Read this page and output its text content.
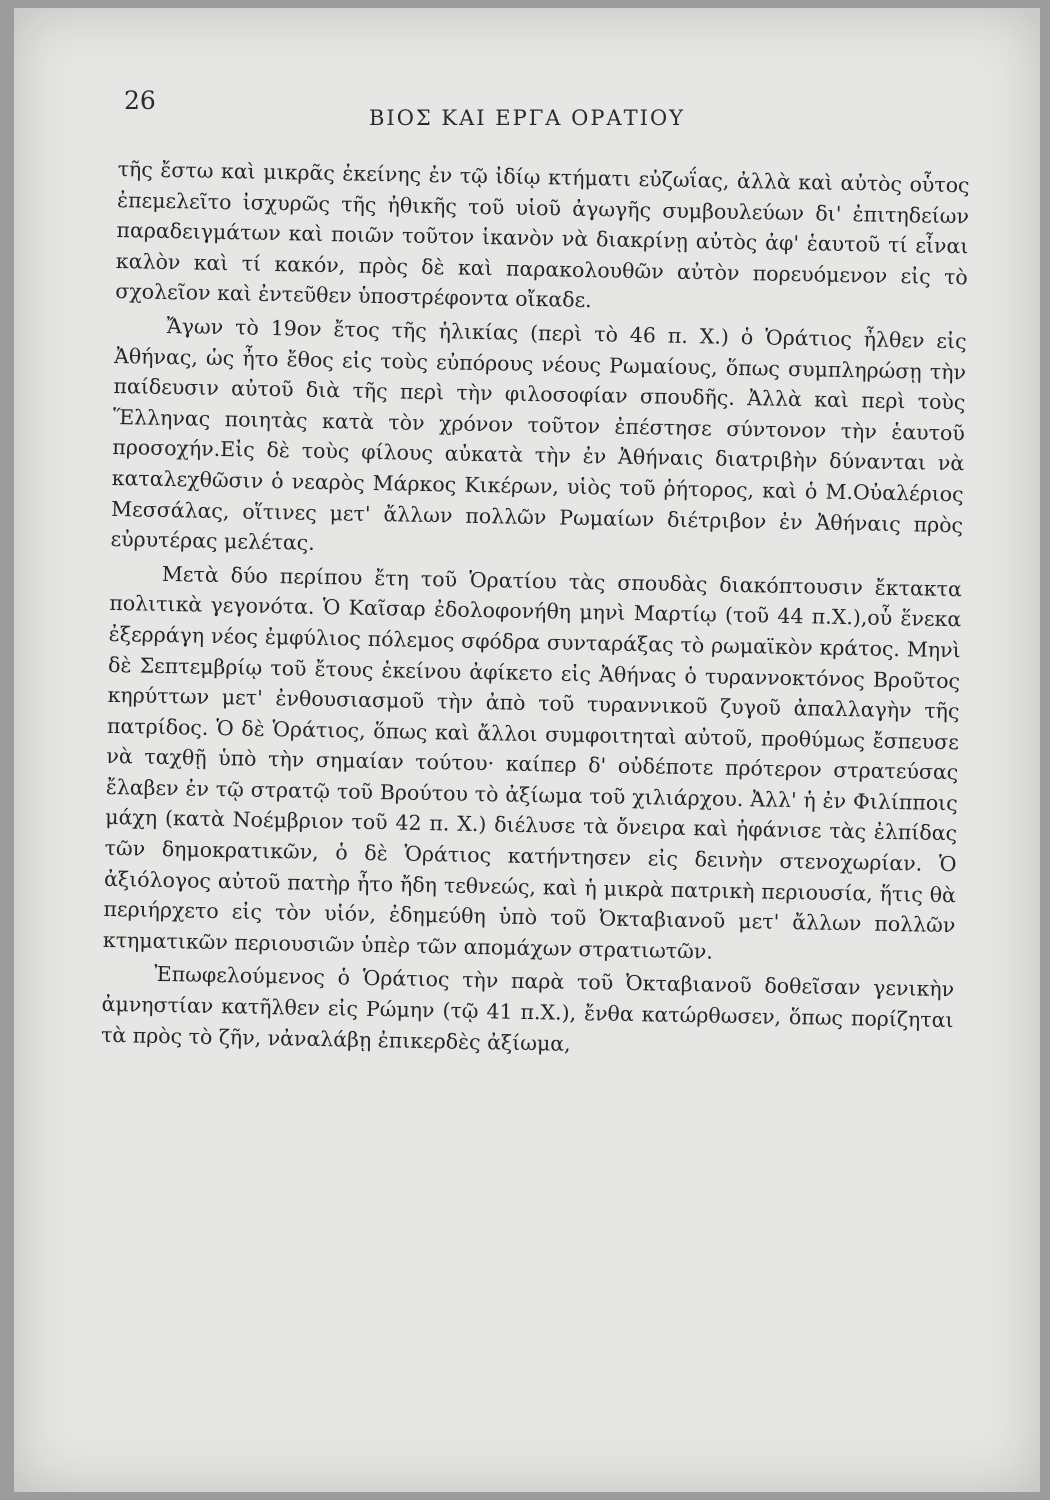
26
ΒΙΟΣ ΚΑΙ ΕΡΓΑ ΟΡΑΤΙΟΥ

τῆς ἔστω καὶ μικρᾶς ἐκείνης ἐν τῷ ἰδίῳ κτήματι εὐζωΐας, ἀλλὰ καὶ αὐτὸς οὗτος ἐπεμελεῖτο ἰσχυρῶς τῆς ἠθικῆς τοῦ υἱοῦ ἀγωγῆς συμβουλεύων δι' ἐπιτηδείων παραδειγμάτων καὶ ποιῶν τοῦτον ἱκανὸν νὰ διακρίνῃ αὐτὸς ἀφ' ἑαυτοῦ τί εἶναι καλὸν καὶ τί κακόν, πρὸς δὲ καὶ παρακολουθῶν αὐτὸν πορευόμενον εἰς τὸ σχολεῖον καὶ ἐντεῦθεν ὑποστρέφοντα οἴκαδε.

Ἄγων τὸ 19ον ἔτος τῆς ἡλικίας (περὶ τὸ 46 π. Χ.) ὁ Ὁράτιος ἦλθεν εἰς Ἀθήνας, ὡς ἦτο ἔθος εἰς τοὺς εὐπόρους νέους Ρωμαίους, ὅπως συμπληρώσῃ τὴν παίδευσιν αὐτοῦ διὰ τῆς περὶ τὴν φιλοσοφίαν σπουδῆς. Ἀλλὰ καὶ περὶ τοὺς Ἕλληνας ποιητὰς κατὰ τὸν χρόνον τοῦτον ἐπέστησε σύντονον τὴν ἑαυτοῦ προσοχήν.Εἰς δὲ τοὺς φίλους αὐκατὰ τὴν ἐν Ἀθήναις διατριβὴν δύνανται νὰ καταλεχθῶσιν ὁ νεαρὸς Μάρκος Κικέρων, υἱὸς τοῦ ῥήτορος, καὶ ὁ Μ.Οὐαλέριος Μεσσάλας, οἵτινες μετ' ἄλλων πολλῶν Ρωμαίων διέτριβον ἐν Ἀθήναις πρὸς εὐρυτέρας μελέτας.

Μετὰ δύο περίπου ἔτη τοῦ Ὁρατίου τὰς σπουδὰς διακόπτουσιν ἔκτακτα πολιτικὰ γεγονότα. Ὁ Καῖσαρ ἐδολοφονήθη μηνὶ Μαρτίῳ (τοῦ 44 π.Χ.),οὗ ἕνεκα ἐξερράγη νέος ἐμφύλιος πόλεμος σφόδρα συνταράξας τὸ ρωμαϊκὸν κράτος. Μηνὶ δὲ Σεπτεμβρίῳ τοῦ ἔτους ἐκείνου ἀφίκετο εἰς Ἀθήνας ὁ τυραννοκτόνος Βροῦτος κηρύττων μετ' ἐνθουσιασμοῦ τὴν ἀπὸ τοῦ τυραννικοῦ ζυγοῦ ἀπαλλαγὴν τῆς πατρίδος. Ὁ δὲ Ὁράτιος, ὅπως καὶ ἄλλοι συμφοιτηταὶ αὐτοῦ, προθύμως ἔσπευσε νὰ ταχθῇ ὑπὸ τὴν σημαίαν τούτου· καίπερ δ' οὐδέποτε πρότερον στρατεύσας ἔλαβεν ἐν τῷ στρατῷ τοῦ Βρούτου τὸ ἀξίωμα τοῦ χιλιάρχου. Ἀλλ' ἡ ἐν Φιλίπποις μάχη (κατὰ Νοέμβριον τοῦ 42 π. Χ.) διέλυσε τὰ ὄνειρα καὶ ἠφάνισε τὰς ἐλπίδας τῶν δημοκρατικῶν, ὁ δὲ Ὁράτιος κατήντησεν εἰς δεινὴν στενοχωρίαν. Ὁ ἀξιόλογος αὐτοῦ πατὴρ ἦτο ἤδη τεθνεώς, καὶ ἡ μικρὰ πατρικὴ περιουσία, ἥτις θὰ περιήρχετο εἰς τὸν υἱόν, ἐδημεύθη ὑπὸ τοῦ Ὀκταβιανοῦ μετ' ἄλλων πολλῶν κτηματικῶν περιουσιῶν ὑπὲρ τῶν απομάχων στρατιωτῶν.

Ἐπωφελούμενος ὁ Ὁράτιος τὴν παρὰ τοῦ Ὀκταβιανοῦ δοθεῖσαν γενικὴν ἀμνηστίαν κατῆλθεν εἰς Ρώμην (τῷ 41 π.Χ.), ἔνθα κατώρθωσεν, ὅπως πορίζηται τὰ πρὸς τὸ ζῆν, νἀναλάβῃ ἐπικερδὲς ἀξίωμα,
